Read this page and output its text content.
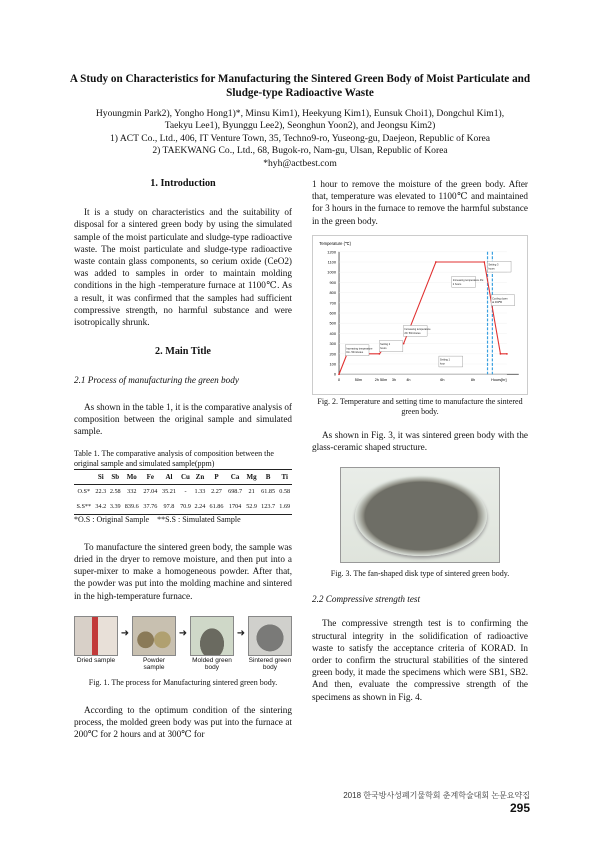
A Study on Characteristics for Manufacturing the Sintered Green Body of Moist Particulate and Sludge-type Radioactive Waste
Hyoungmin Park2), Yongho Hong1)*, Minsu Kim1), Heekyung Kim1), Eunsuk Choi1), Dongchul Kim1),
Taekyu Lee1), Byunggu Lee2), Seonghun Yoon2), and Jeongsu Kim2)
1) ACT Co., Ltd., 406, IT Venture Town, 35, Techno9-ro, Yuseong-gu, Daejeon, Republic of Korea
2) TAEKWANG Co., Ltd., 68, Bugok-ro, Nam-gu, Ulsan, Republic of Korea
*hyh@actbest.com
1. Introduction

It is a study on characteristics and the suitability of disposal for a sintered green body by using the simulated sample of the moist particulate and sludge-type radioactive waste. The moist particulate and sludge-type radioactive waste contain glass components, so cerium oxide (CeO2) was added to samples in order to maintain molding conditions in the high -temperature furnace at 1100℃. As a result, it was confirmed that the samples had sufficient compressive strength, no harmful substance and were isotropically shrunk.

2. Main Title
2.1 Process of manufacturing the green body

As shown in the table 1, it is the comparative analysis of composition between the original sample and simulated sample.

Table 1. The comparative analysis of composition between the original sample and simulated sample(ppm)
	Si	Sb	Mo	Fe	Al	Cu	Zn	P	Ca	Mg	B	Ti
O.S*	22.3	2.58	332	27.04	35.21	-	1.33	2.27	698.7	21	61.85	0.58
S.S**	34.2	3.39	839.6	37.76	97.8	70.9	2.24	61.86	1704	52.9	123.7	1.69
*O.S : Original Sample    **S.S : Simulated Sample

To manufacture the sintered green body, the sample was dried in the dryer to remove moisture, and then put into a super-mixer to make a homogeneous powder. After that, the powder was put into the molding machine and sintered in the high-temperature furnace.

Dried sample
➜
Powder sample
➜
Molded green body
➜
Sintered green body
Fig. 1. The process for Manufacturing sintered green body.

According to the optimum condition of the sintering process, the molded green body was put into the furnace at 200℃ for 2 hours and at 300℃ for

1 hour to remove the moisture of the green body. After that, temperature was elevated to 1100℃ and maintained for 3 hours in the furnace to remove the harmful substance in the green body.

Temperature (℃)
0
100
200
300
400
500
600
700
800
900
1000
1100
1200
0	50m	2h 50m 3h	4h	6h	8h	Hours[hr]
Increasing temperature
0m- 50minutes
Setting 2
hours
Increasing temperature
2hr 50minutes
Setting 1
hour
Increasing temperature 4hr-
2 hours
Setting 3
hours
Cooling down
at 300℃
Fig. 2. Temperature and setting time to manufacture the sintered green body.

As shown in Fig. 3, it was sintered green body with the glass-ceramic shaped structure.

Fig. 3. The fan-shaped disk type of sintered green body.
2.2 Compressive strength test

The compressive strength test is to confirming the structural integrity in the solidification of radioactive waste to satisfy the acceptance criteria of KORAD. In order to confirm the structural stabilities of the sintered green body, it made the specimens which were SB1, SB2. And then, evaluate the compressive strength of the specimens as shown in Fig. 4.

2018 한국방사성폐기물학회 춘계학술대회 논문요약집 295
